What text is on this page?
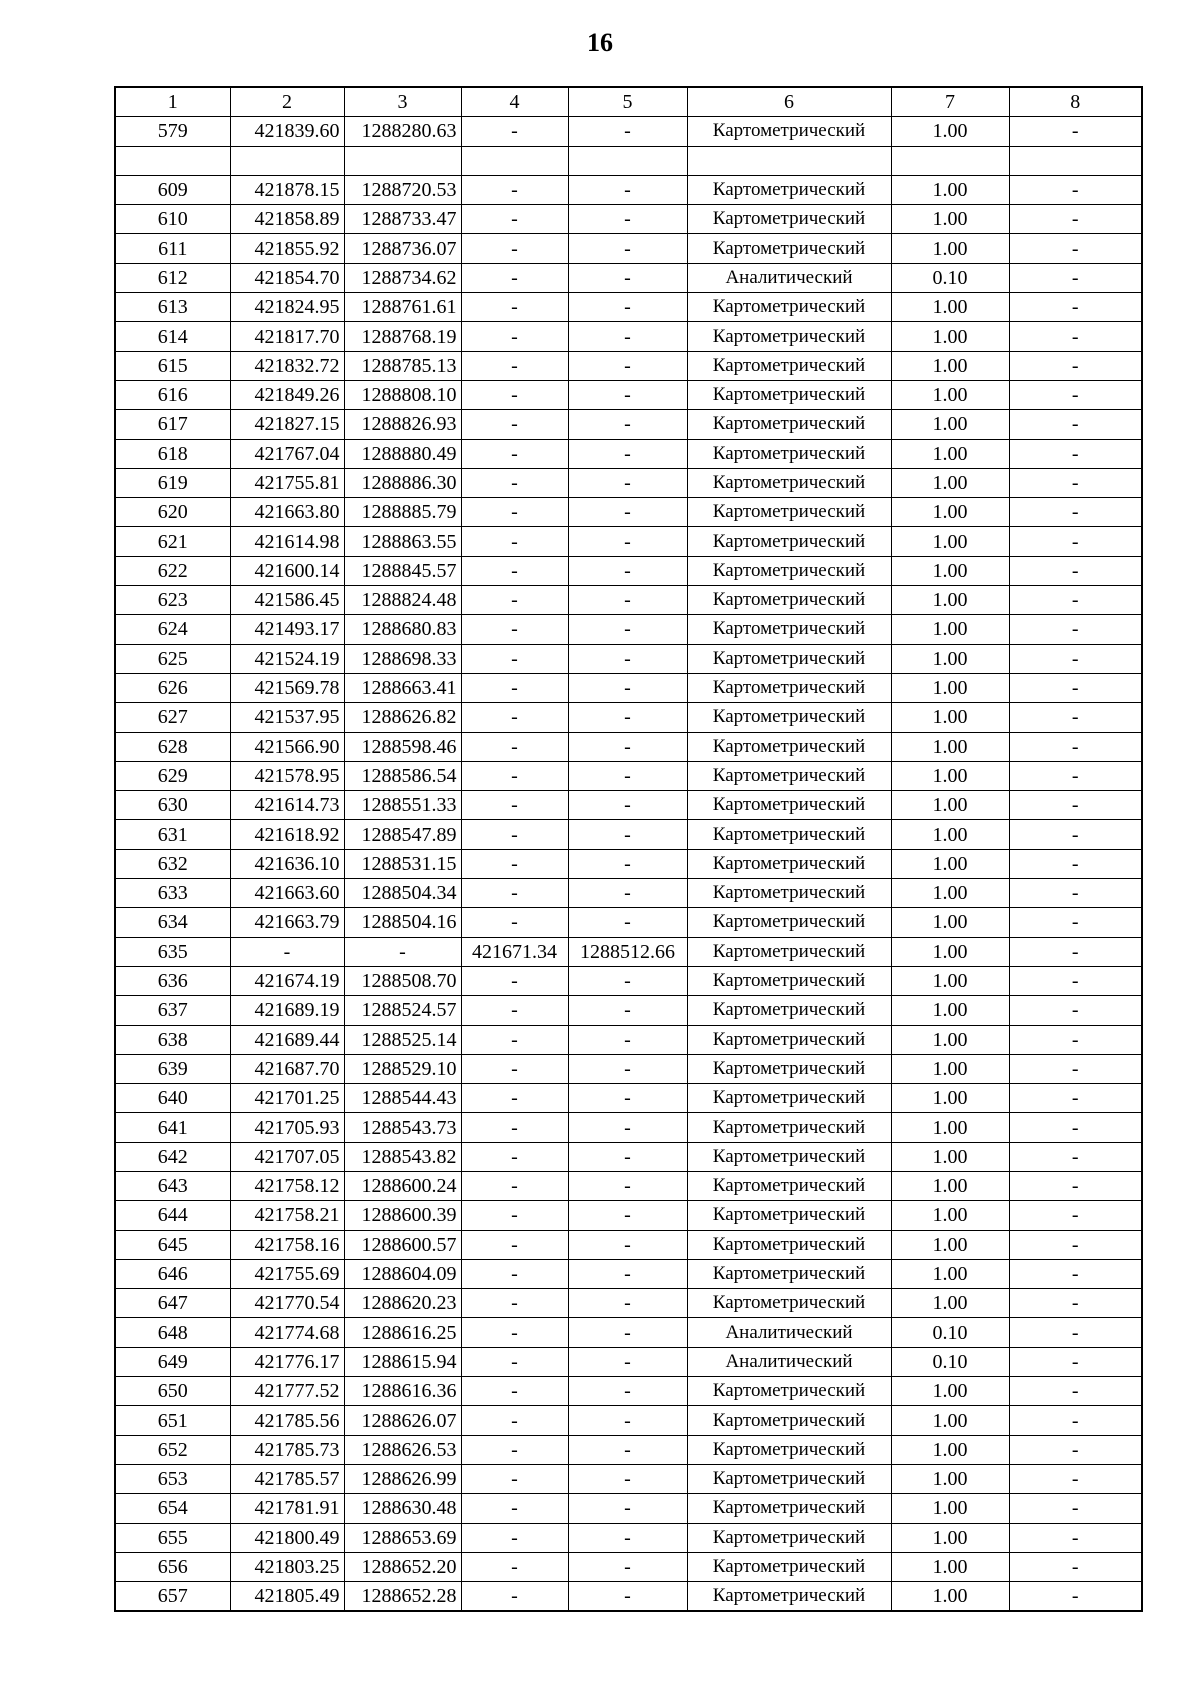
16
1	2	3	4	5	6	7	8
579	421839.60	1288280.63	-	-	Картометрический	1.00	-

609	421878.15	1288720.53	-	-	Картометрический	1.00	-
610	421858.89	1288733.47	-	-	Картометрический	1.00	-
611	421855.92	1288736.07	-	-	Картометрический	1.00	-
612	421854.70	1288734.62	-	-	Аналитический	0.10	-
613	421824.95	1288761.61	-	-	Картометрический	1.00	-
614	421817.70	1288768.19	-	-	Картометрический	1.00	-
615	421832.72	1288785.13	-	-	Картометрический	1.00	-
616	421849.26	1288808.10	-	-	Картометрический	1.00	-
617	421827.15	1288826.93	-	-	Картометрический	1.00	-
618	421767.04	1288880.49	-	-	Картометрический	1.00	-
619	421755.81	1288886.30	-	-	Картометрический	1.00	-
620	421663.80	1288885.79	-	-	Картометрический	1.00	-
621	421614.98	1288863.55	-	-	Картометрический	1.00	-
622	421600.14	1288845.57	-	-	Картометрический	1.00	-
623	421586.45	1288824.48	-	-	Картометрический	1.00	-
624	421493.17	1288680.83	-	-	Картометрический	1.00	-
625	421524.19	1288698.33	-	-	Картометрический	1.00	-
626	421569.78	1288663.41	-	-	Картометрический	1.00	-
627	421537.95	1288626.82	-	-	Картометрический	1.00	-
628	421566.90	1288598.46	-	-	Картометрический	1.00	-
629	421578.95	1288586.54	-	-	Картометрический	1.00	-
630	421614.73	1288551.33	-	-	Картометрический	1.00	-
631	421618.92	1288547.89	-	-	Картометрический	1.00	-
632	421636.10	1288531.15	-	-	Картометрический	1.00	-
633	421663.60	1288504.34	-	-	Картометрический	1.00	-
634	421663.79	1288504.16	-	-	Картометрический	1.00	-
635	-	-	421671.34	1288512.66	Картометрический	1.00	-
636	421674.19	1288508.70	-	-	Картометрический	1.00	-
637	421689.19	1288524.57	-	-	Картометрический	1.00	-
638	421689.44	1288525.14	-	-	Картометрический	1.00	-
639	421687.70	1288529.10	-	-	Картометрический	1.00	-
640	421701.25	1288544.43	-	-	Картометрический	1.00	-
641	421705.93	1288543.73	-	-	Картометрический	1.00	-
642	421707.05	1288543.82	-	-	Картометрический	1.00	-
643	421758.12	1288600.24	-	-	Картометрический	1.00	-
644	421758.21	1288600.39	-	-	Картометрический	1.00	-
645	421758.16	1288600.57	-	-	Картометрический	1.00	-
646	421755.69	1288604.09	-	-	Картометрический	1.00	-
647	421770.54	1288620.23	-	-	Картометрический	1.00	-
648	421774.68	1288616.25	-	-	Аналитический	0.10	-
649	421776.17	1288615.94	-	-	Аналитический	0.10	-
650	421777.52	1288616.36	-	-	Картометрический	1.00	-
651	421785.56	1288626.07	-	-	Картометрический	1.00	-
652	421785.73	1288626.53	-	-	Картометрический	1.00	-
653	421785.57	1288626.99	-	-	Картометрический	1.00	-
654	421781.91	1288630.48	-	-	Картометрический	1.00	-
655	421800.49	1288653.69	-	-	Картометрический	1.00	-
656	421803.25	1288652.20	-	-	Картометрический	1.00	-
657	421805.49	1288652.28	-	-	Картометрический	1.00	-
